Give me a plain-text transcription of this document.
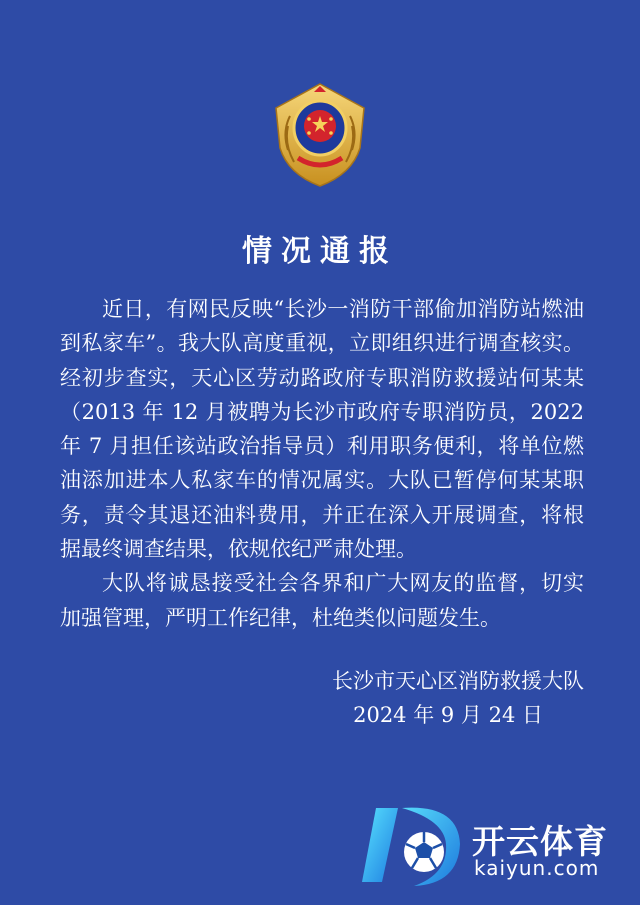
情况通报

近日，有网民反映“长沙一消防干部偷加消防站燃油到私家车”。我大队高度重视，立即组织进行调查核实。经初步查实，天心区劳动路政府专职消防救援站何某某（2013 年 12 月被聘为长沙市政府专职消防员，2022 年 7 月担任该站政治指导员）利用职务便利，将单位燃油添加进本人私家车的情况属实。大队已暂停何某某职务，责令其退还油料费用，并正在深入开展调查，将根据最终调查结果，依规依纪严肃处理。

大队将诚恳接受社会各界和广大网友的监督，切实加强管理，严明工作纪律，杜绝类似问题发生。

长沙市天心区消防救援大队
2024 年 9 月 24 日
开云体育
kaiyun.com
